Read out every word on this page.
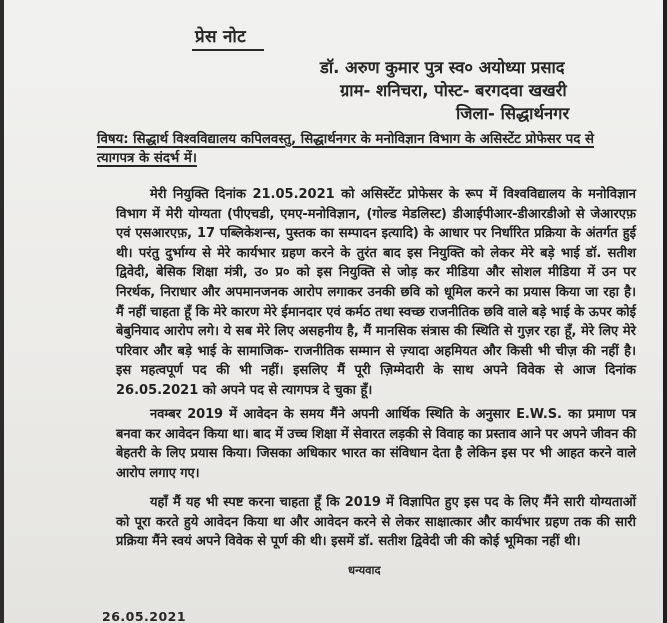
प्रेस नोट
डॉ. अरुण कुमार पुत्र स्व० अयोध्या प्रसाद
ग्राम- शनिचरा, पोस्ट- बरगदवा खखरी
जिला- सिद्धार्थनगर
विषय: सिद्धार्थ विश्वविद्यालय कपिलवस्तु, सिद्धार्थनगर के मनोविज्ञान विभाग के असिस्टेंट प्रोफेसर पद से त्यागपत्र के संदर्भ में।
मेरी नियुक्ति दिनांक 21.05.2021 को असिस्टेंट प्रोफेसर के रूप में विश्वविद्यालय के मनोविज्ञान विभाग में मेरी योग्यता (पीएचडी, एमए-मनोविज्ञान, (गोल्ड मेडलिस्ट) डीआईपीआर-डीआरडीओ से जेआरएफ़ एवं एसआरएफ़, 17 पब्लिकेशन्स, पुस्तक का सम्पादन इत्यादि) के आधार पर निर्धारित प्रक्रिया के अंतर्गत हुई थी। परंतु दुर्भाग्य से मेरे कार्यभार ग्रहण करने के तुरंत बाद इस नियुक्ति को लेकर मेरे बड़े भाई डॉ. सतीश द्विवेदी, बेसिक शिक्षा मंत्री, उ० प्र० को इस नियुक्ति से जोड़ कर मीडिया और सोशल मीडिया में उन पर निरर्थक, निराधार और अपमानजनक आरोप लगाकर उनकी छवि को धूमिल करने का प्रयास किया जा रहा है। मैं नहीं चाहता हूँ कि मेरे कारण मेरे ईमानदार एवं कर्मठ तथा स्वच्छ राजनीतिक छवि वाले बड़े भाई के ऊपर कोई बेबुनियाद आरोप लगे। ये सब मेरे लिए असहनीय है, मैं मानसिक संत्रास की स्थिति से गुज़र रहा हूँ, मेरे लिए मेरे परिवार और बड़े भाई के सामाजिक- राजनीतिक सम्मान से ज़्यादा अहमियत और किसी भी चीज़ की नहीं है। इस महत्वपूर्ण पद की भी नहीं। इसलिए मैं पूरी ज़िम्मेदारी के साथ अपने विवेक से आज दिनांक 26.05.2021 को अपने पद से त्यागपत्र दे चुका हूँ।
नवम्बर 2019 में आवेदन के समय मैंने अपनी आर्थिक स्थिति के अनुसार E.W.S. का प्रमाण पत्र बनवा कर आवेदन किया था। बाद में उच्च शिक्षा में सेवारत लड़की से विवाह का प्रस्ताव आने पर अपने जीवन की बेहतरी के लिए प्रयास किया। जिसका अधिकार भारत का संविधान देता है लेकिन इस पर भी आहत करने वाले आरोप लगाए गए।
यहाँ मैं यह भी स्पष्ट करना चाहता हूँ कि 2019 में विज्ञापित हुए इस पद के लिए मैंने सारी योग्यताओं को पूरा करते हुये आवेदन किया था और आवेदन करने से लेकर साक्षात्कार और कार्यभार ग्रहण तक की सारी प्रक्रिया मैंने स्वयं अपने विवेक से पूर्ण की थी। इसमें डॉ. सतीश द्विवेदी जी की कोई भूमिका नहीं थी।
धन्यवाद
26.05.2021
